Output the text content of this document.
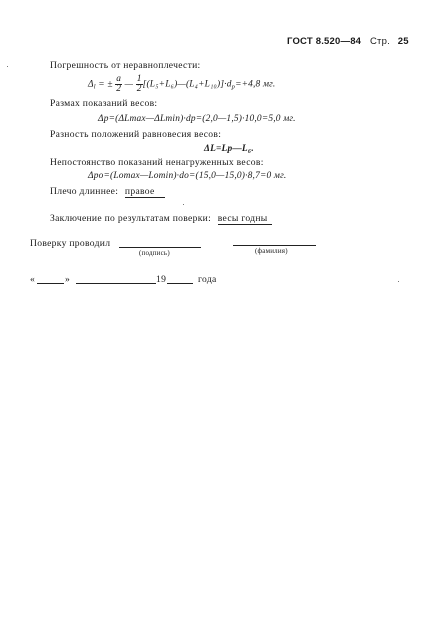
ГОСТ 8.520—84 Стр. 25
Погрешность от неравноплечести:
$\Delta_l$ = ± $\frac{a}{2}$ — $\frac{1}{2}$ $[(L_5+L_6)—(L_4+L_{10})]\cdot d_р=+4,8$ мг.
Размах показаний весов:
Δp=(ΔLmax—ΔLmin)·dp=(2,0—1,5)·10,0=5,0 мг.
Разность положений равновесия весов:
ΔL=Lp—L₆.
Непостоянство показаний ненагруженных весов:
Δpo=(Lomax—Lomin)·do=(15,0—15,0)·8,7=0 мг.
Плечо длиннее: правое
Заключение по результатам поверки: весы годны
Поверку проводил
(подпись)	(фамилия)
«	»	19	года
